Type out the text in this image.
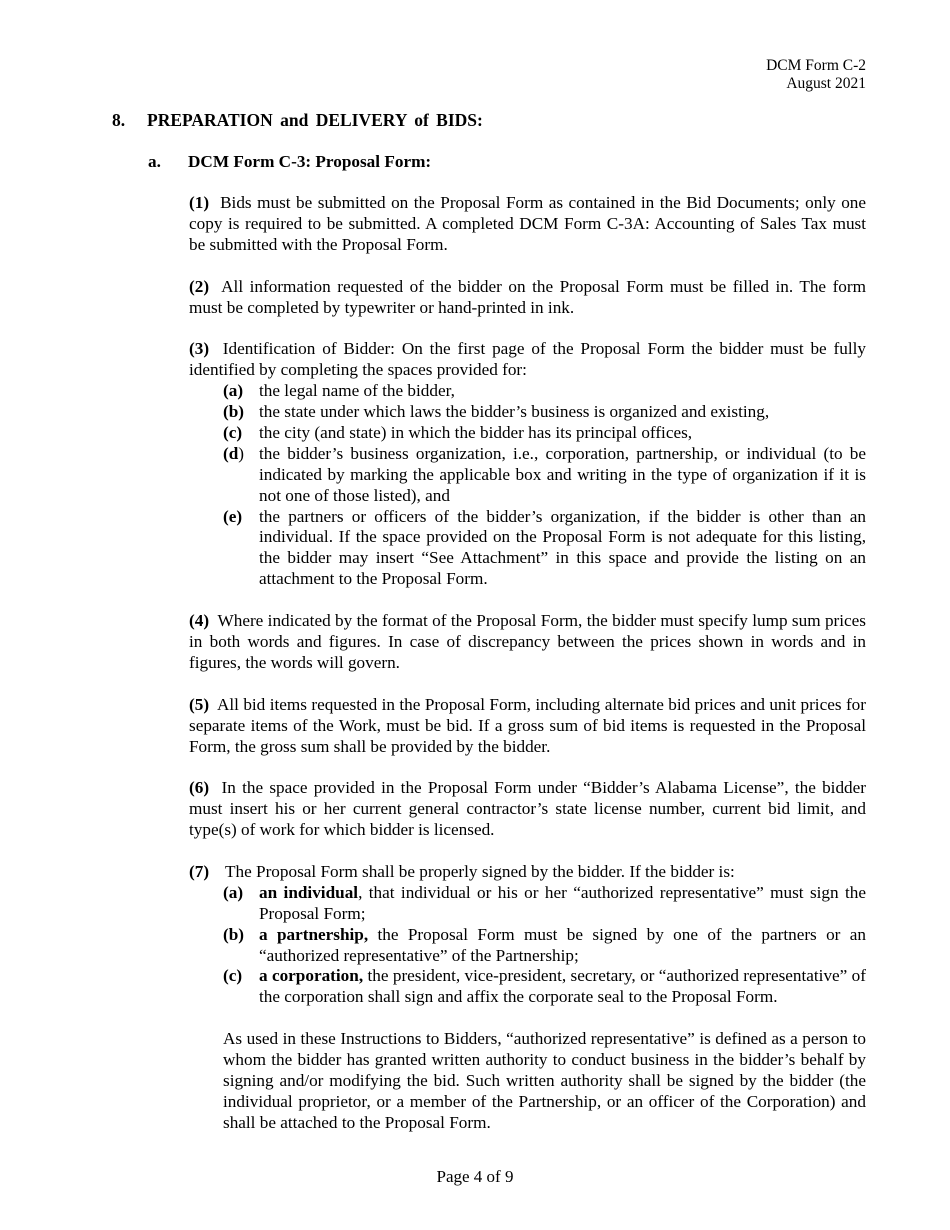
DCM Form C-2
August 2021
8. PREPARATION and DELIVERY of BIDS:
a. DCM Form C-3: Proposal Form:

(1) Bids must be submitted on the Proposal Form as contained in the Bid Documents; only one copy is required to be submitted. A completed DCM Form C-3A: Accounting of Sales Tax must be submitted with the Proposal Form.

(2) All information requested of the bidder on the Proposal Form must be filled in. The form must be completed by typewriter or hand-printed in ink.

(3) Identification of Bidder: On the first page of the Proposal Form the bidder must be fully identified by completing the spaces provided for:

(a) the legal name of the bidder,
(b) the state under which laws the bidder’s business is organized and existing,
(c) the city (and state) in which the bidder has its principal offices,
(d) the bidder’s business organization, i.e., corporation, partnership, or individual (to be indicated by marking the applicable box and writing in the type of organization if it is not one of those listed), and
(e) the partners or officers of the bidder’s organization, if the bidder is other than an individual. If the space provided on the Proposal Form is not adequate for this listing, the bidder may insert “See Attachment” in this space and provide the listing on an attachment to the Proposal Form.

(4) Where indicated by the format of the Proposal Form, the bidder must specify lump sum prices in both words and figures. In case of discrepancy between the prices shown in words and in figures, the words will govern.

(5) All bid items requested in the Proposal Form, including alternate bid prices and unit prices for separate items of the Work, must be bid. If a gross sum of bid items is requested in the Proposal Form, the gross sum shall be provided by the bidder.

(6) In the space provided in the Proposal Form under “Bidder’s Alabama License”, the bidder must insert his or her current general contractor’s state license number, current bid limit, and type(s) of work for which bidder is licensed.

(7) The Proposal Form shall be properly signed by the bidder. If the bidder is:
(a) an individual, that individual or his or her “authorized representative” must sign the Proposal Form;
(b) a partnership, the Proposal Form must be signed by one of the partners or an “authorized representative” of the Partnership;
(c) a corporation, the president, vice-president, secretary, or “authorized representative” of the corporation shall sign and affix the corporate seal to the Proposal Form.
As used in these Instructions to Bidders, “authorized representative” is defined as a person to whom the bidder has granted written authority to conduct business in the bidder’s behalf by signing and/or modifying the bid. Such written authority shall be signed by the bidder (the individual proprietor, or a member of the Partnership, or an officer of the Corporation) and shall be attached to the Proposal Form.
Page 4 of 9
